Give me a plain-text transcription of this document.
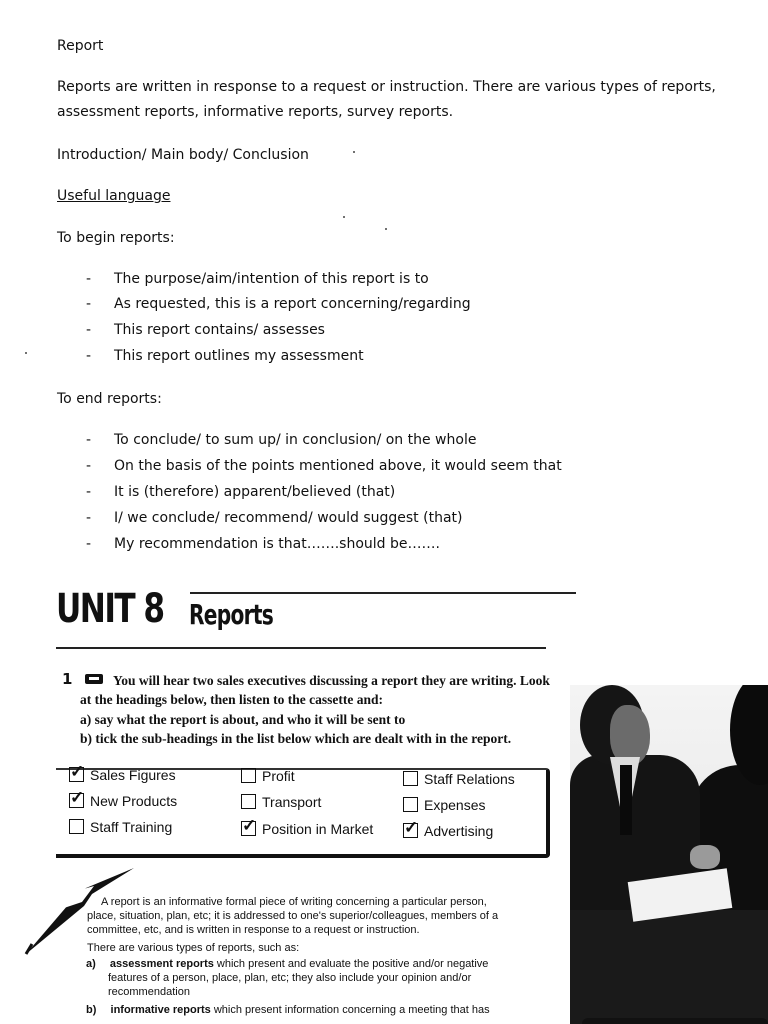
Report
Reports are written in response to a request or instruction. There are various types of reports,
assessment reports, informative reports, survey reports.
Introduction/ Main body/ Conclusion
Useful language
To begin reports:
- The purpose/aim/intention of this report is to
- As requested, this is a report concerning/regarding
- This report contains/ assesses
- This report outlines my assessment
To end reports:
- To conclude/ to sum up/ in conclusion/ on the whole
- On the basis of the points mentioned above, it would seem that
- It is (therefore) apparent/believed (that)
- I/ we conclude/ recommend/ would suggest (that)
- My recommendation is that…….should be…….
UNIT 8 Reports
1	You will hear two sales executives discussing a report they are writing. Look
at the headings below, then listen to the cassette and:
a) say what the report is about, and who it will be sent to
b) tick the sub-headings in the list below which are dealt with in the report.
✓Sales Figures
✓New Products
Staff Training
Profit
Transport
✓Position in Market
Staff Relations
Expenses
✓Advertising
A report is an informative formal piece of writing concerning a particular person,
place, situation, plan, etc; it is addressed to one's superior/colleagues, members of a
committee, etc, and is written in response to a request or instruction.
There are various types of reports, such as:
a) assessment reports which present and evaluate the positive and/or negative
features of a person, place, plan, etc; they also include your opinion and/or
recommendation
b) informative reports which present information concerning a meeting that has
